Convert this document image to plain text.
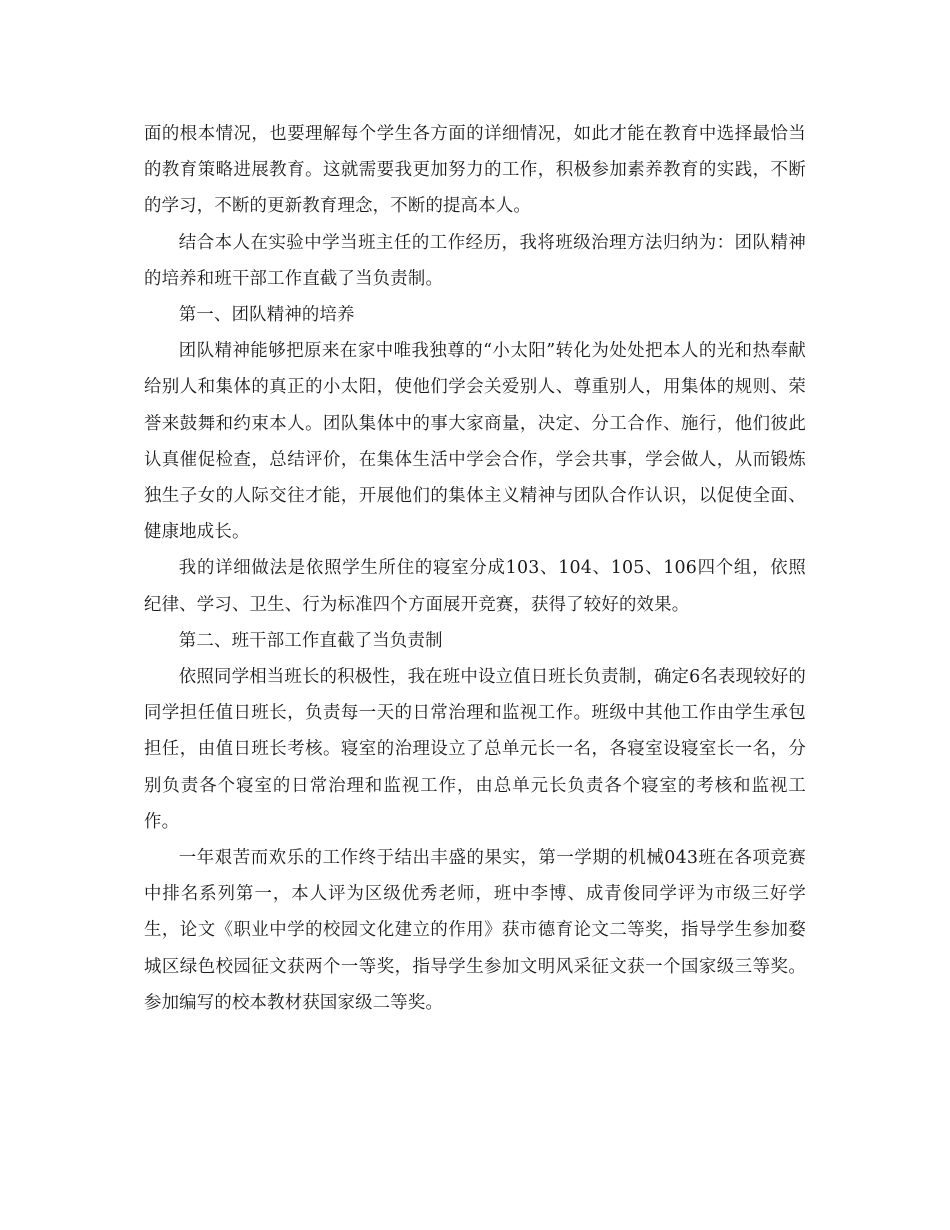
面的根本情况，也要理解每个学生各方面的详细情况，如此才能在教育中选择最恰当的教育策略进展教育。这就需要我更加努力的工作，积极参加素养教育的实践，不断的学习，不断的更新教育理念，不断的提高本人。

结合本人在实验中学当班主任的工作经历，我将班级治理方法归纳为：团队精神的培养和班干部工作直截了当负责制。

第一、团队精神的培养

团队精神能够把原来在家中唯我独尊的“小太阳”转化为处处把本人的光和热奉献给别人和集体的真正的小太阳，使他们学会关爱别人、尊重别人，用集体的规则、荣誉来鼓舞和约束本人。团队集体中的事大家商量，决定、分工合作、施行，他们彼此认真催促检查，总结评价，在集体生活中学会合作，学会共事，学会做人，从而锻炼独生子女的人际交往才能，开展他们的集体主义精神与团队合作认识，以促使全面、健康地成长。

我的详细做法是依照学生所住的寝室分成103、104、105、106四个组，依照纪律、学习、卫生、行为标准四个方面展开竞赛，获得了较好的效果。

第二、班干部工作直截了当负责制

依照同学相当班长的积极性，我在班中设立值日班长负责制，确定6名表现较好的同学担任值日班长，负责每一天的日常治理和监视工作。班级中其他工作由学生承包担任，由值日班长考核。寝室的治理设立了总单元长一名，各寝室设寝室长一名，分别负责各个寝室的日常治理和监视工作，由总单元长负责各个寝室的考核和监视工作。

一年艰苦而欢乐的工作终于结出丰盛的果实，第一学期的机械043班在各项竞赛中排名系列第一，本人评为区级优秀老师，班中李博、成青俊同学评为市级三好学生，论文《职业中学的校园文化建立的作用》获市德育论文二等奖，指导学生参加婺城区绿色校园征文获两个一等奖，指导学生参加文明风采征文获一个国家级三等奖。参加编写的校本教材获国家级二等奖。
